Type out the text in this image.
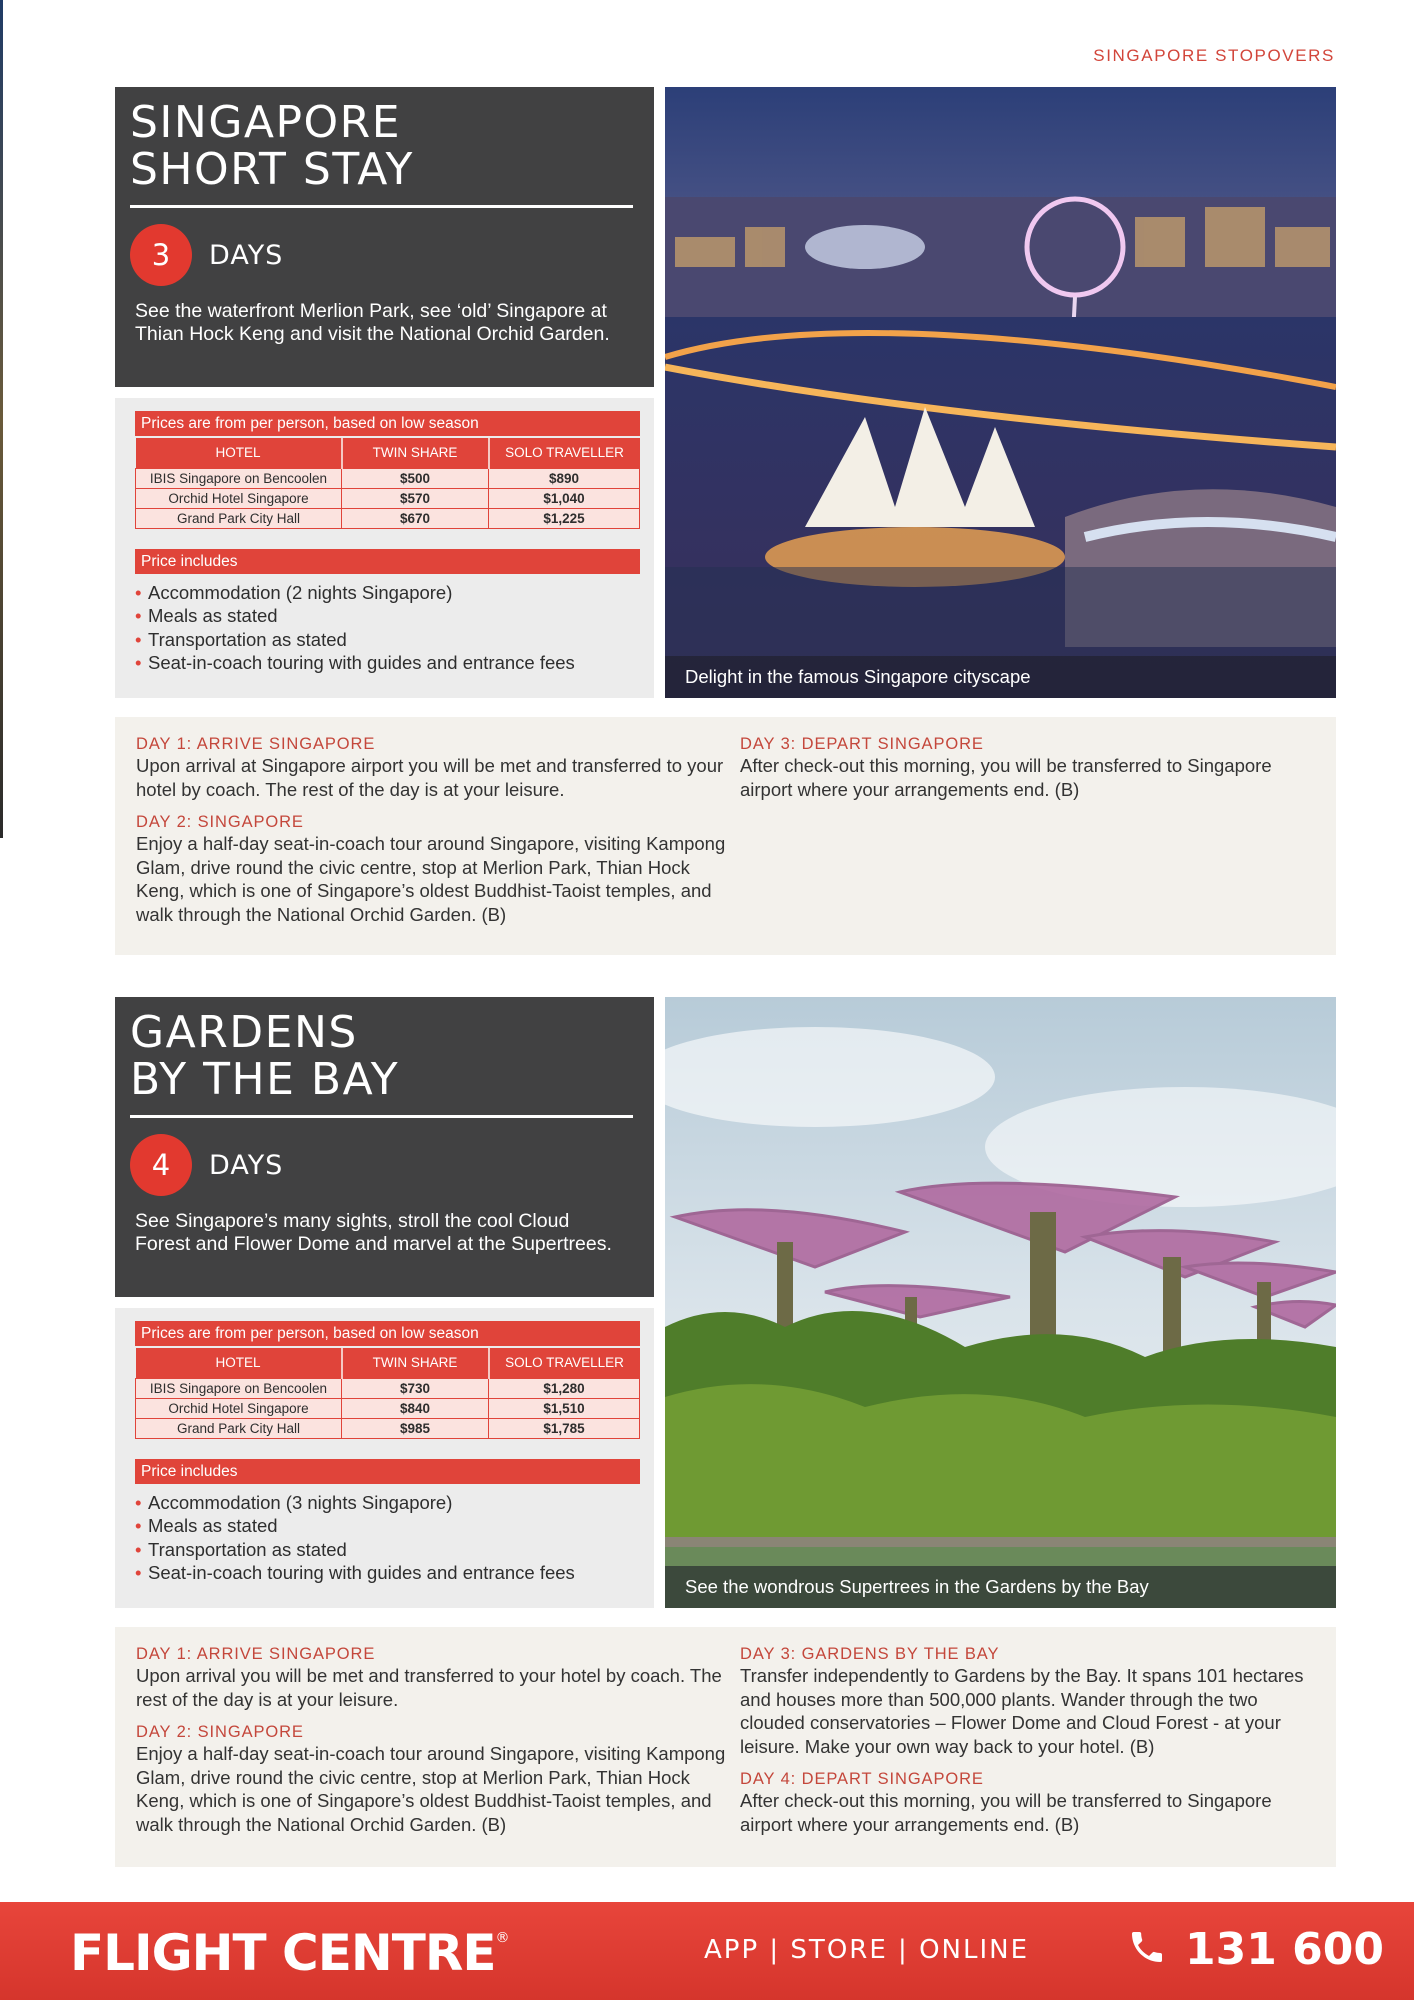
SINGAPORE STOPOVERS
SINGAPORE
SHORT STAY
3	DAYS

See the waterfront Merlion Park, see ‘old’ Singapore at Thian Hock Keng and visit the National Orchid Garden.

Prices are from per person, based on low season
HOTEL	TWIN SHARE	SOLO TRAVELLER
IBIS Singapore on Bencoolen	$500	$890
Orchid Hotel Singapore	$570	$1,040
Grand Park City Hall	$670	$1,225
Price includes
• Accommodation (2 nights Singapore)
• Meals as stated
• Transportation as stated
• Seat-in-coach touring with guides and entrance fees
Delight in the famous Singapore cityscape
DAY 1: ARRIVE SINGAPORE
Upon arrival at Singapore airport you will be met and transferred to your hotel by coach. The rest of the day is at your leisure.
DAY 2: SINGAPORE
Enjoy a half-day seat-in-coach tour around Singapore, visiting Kampong Glam, drive round the civic centre, stop at Merlion Park, Thian Hock Keng, which is one of Singapore’s oldest Buddhist-Taoist temples, and walk through the National Orchid Garden. (B)
DAY 3: DEPART SINGAPORE
After check-out this morning, you will be transferred to Singapore airport where your arrangements end. (B)
GARDENS
BY THE BAY
4	DAYS

See Singapore’s many sights, stroll the cool Cloud Forest and Flower Dome and marvel at the Supertrees.

Prices are from per person, based on low season
HOTEL	TWIN SHARE	SOLO TRAVELLER
IBIS Singapore on Bencoolen	$730	$1,280
Orchid Hotel Singapore	$840	$1,510
Grand Park City Hall	$985	$1,785
Price includes
• Accommodation (3 nights Singapore)
• Meals as stated
• Transportation as stated
• Seat-in-coach touring with guides and entrance fees
See the wondrous Supertrees in the Gardens by the Bay
DAY 1: ARRIVE SINGAPORE
Upon arrival you will be met and transferred to your hotel by coach. The rest of the day is at your leisure.
DAY 2: SINGAPORE
Enjoy a half-day seat-in-coach tour around Singapore, visiting Kampong Glam, drive round the civic centre, stop at Merlion Park, Thian Hock Keng, which is one of Singapore’s oldest Buddhist-Taoist temples, and walk through the National Orchid Garden. (B)
DAY 3: GARDENS BY THE BAY
Transfer independently to Gardens by the Bay. It spans 101 hectares and houses more than 500,000 plants. Wander through the two clouded conservatories – Flower Dome and Cloud Forest - at your leisure. Make your own way back to your hotel. (B)
DAY 4: DEPART SINGAPORE
After check-out this morning, you will be transferred to Singapore airport where your arrangements end. (B)
FLIGHT CENTRE®	APP | STORE | ONLINE	131 600
